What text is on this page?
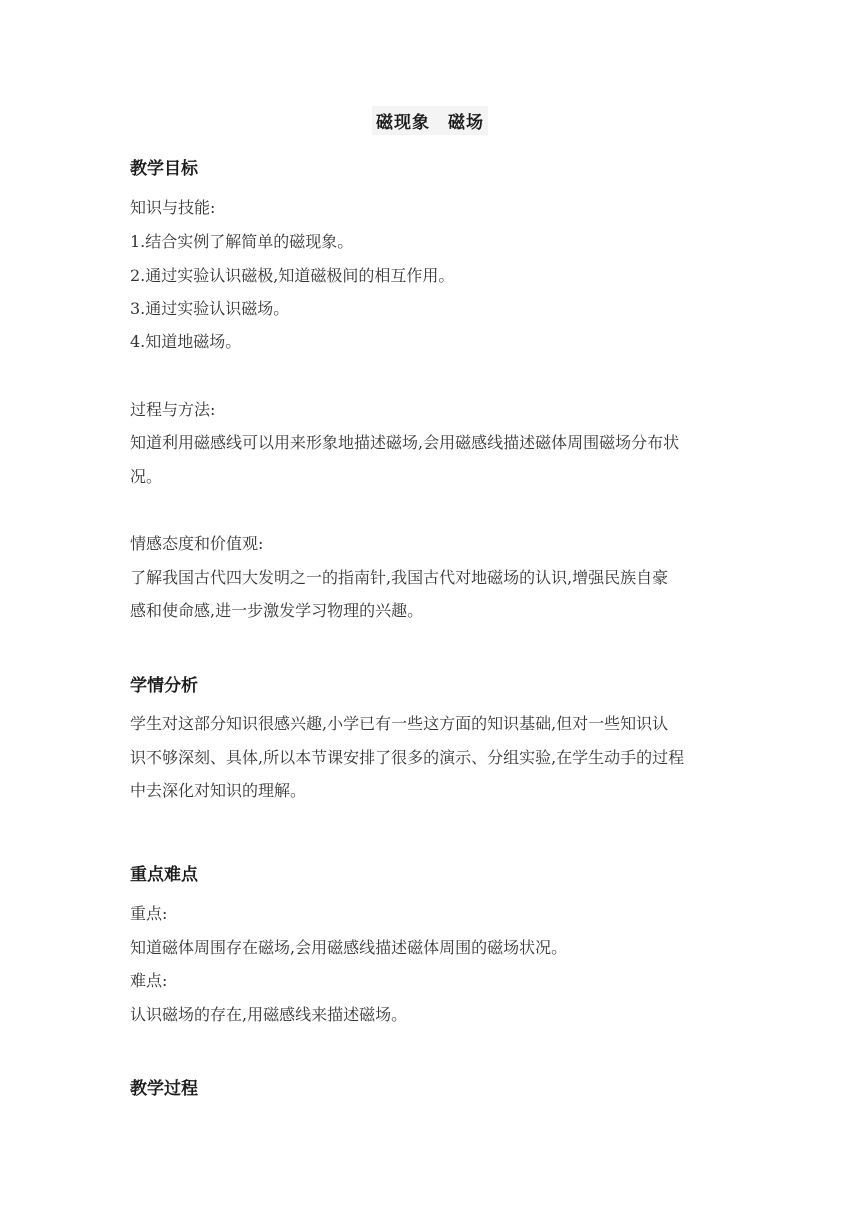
磁现象　磁场
教学目标
知识与技能:
1.结合实例了解简单的磁现象。
2.通过实验认识磁极,知道磁极间的相互作用。
3.通过实验认识磁场。
4.知道地磁场。
过程与方法:
知道利用磁感线可以用来形象地描述磁场,会用磁感线描述磁体周围磁场分布状
况。
情感态度和价值观:
了解我国古代四大发明之一的指南针,我国古代对地磁场的认识,增强民族自豪
感和使命感,进一步激发学习物理的兴趣。
学情分析
学生对这部分知识很感兴趣,小学已有一些这方面的知识基础,但对一些知识认
识不够深刻、具体,所以本节课安排了很多的演示、分组实验,在学生动手的过程
中去深化对知识的理解。
重点难点
重点:
知道磁体周围存在磁场,会用磁感线描述磁体周围的磁场状况。
难点:
认识磁场的存在,用磁感线来描述磁场。
教学过程
